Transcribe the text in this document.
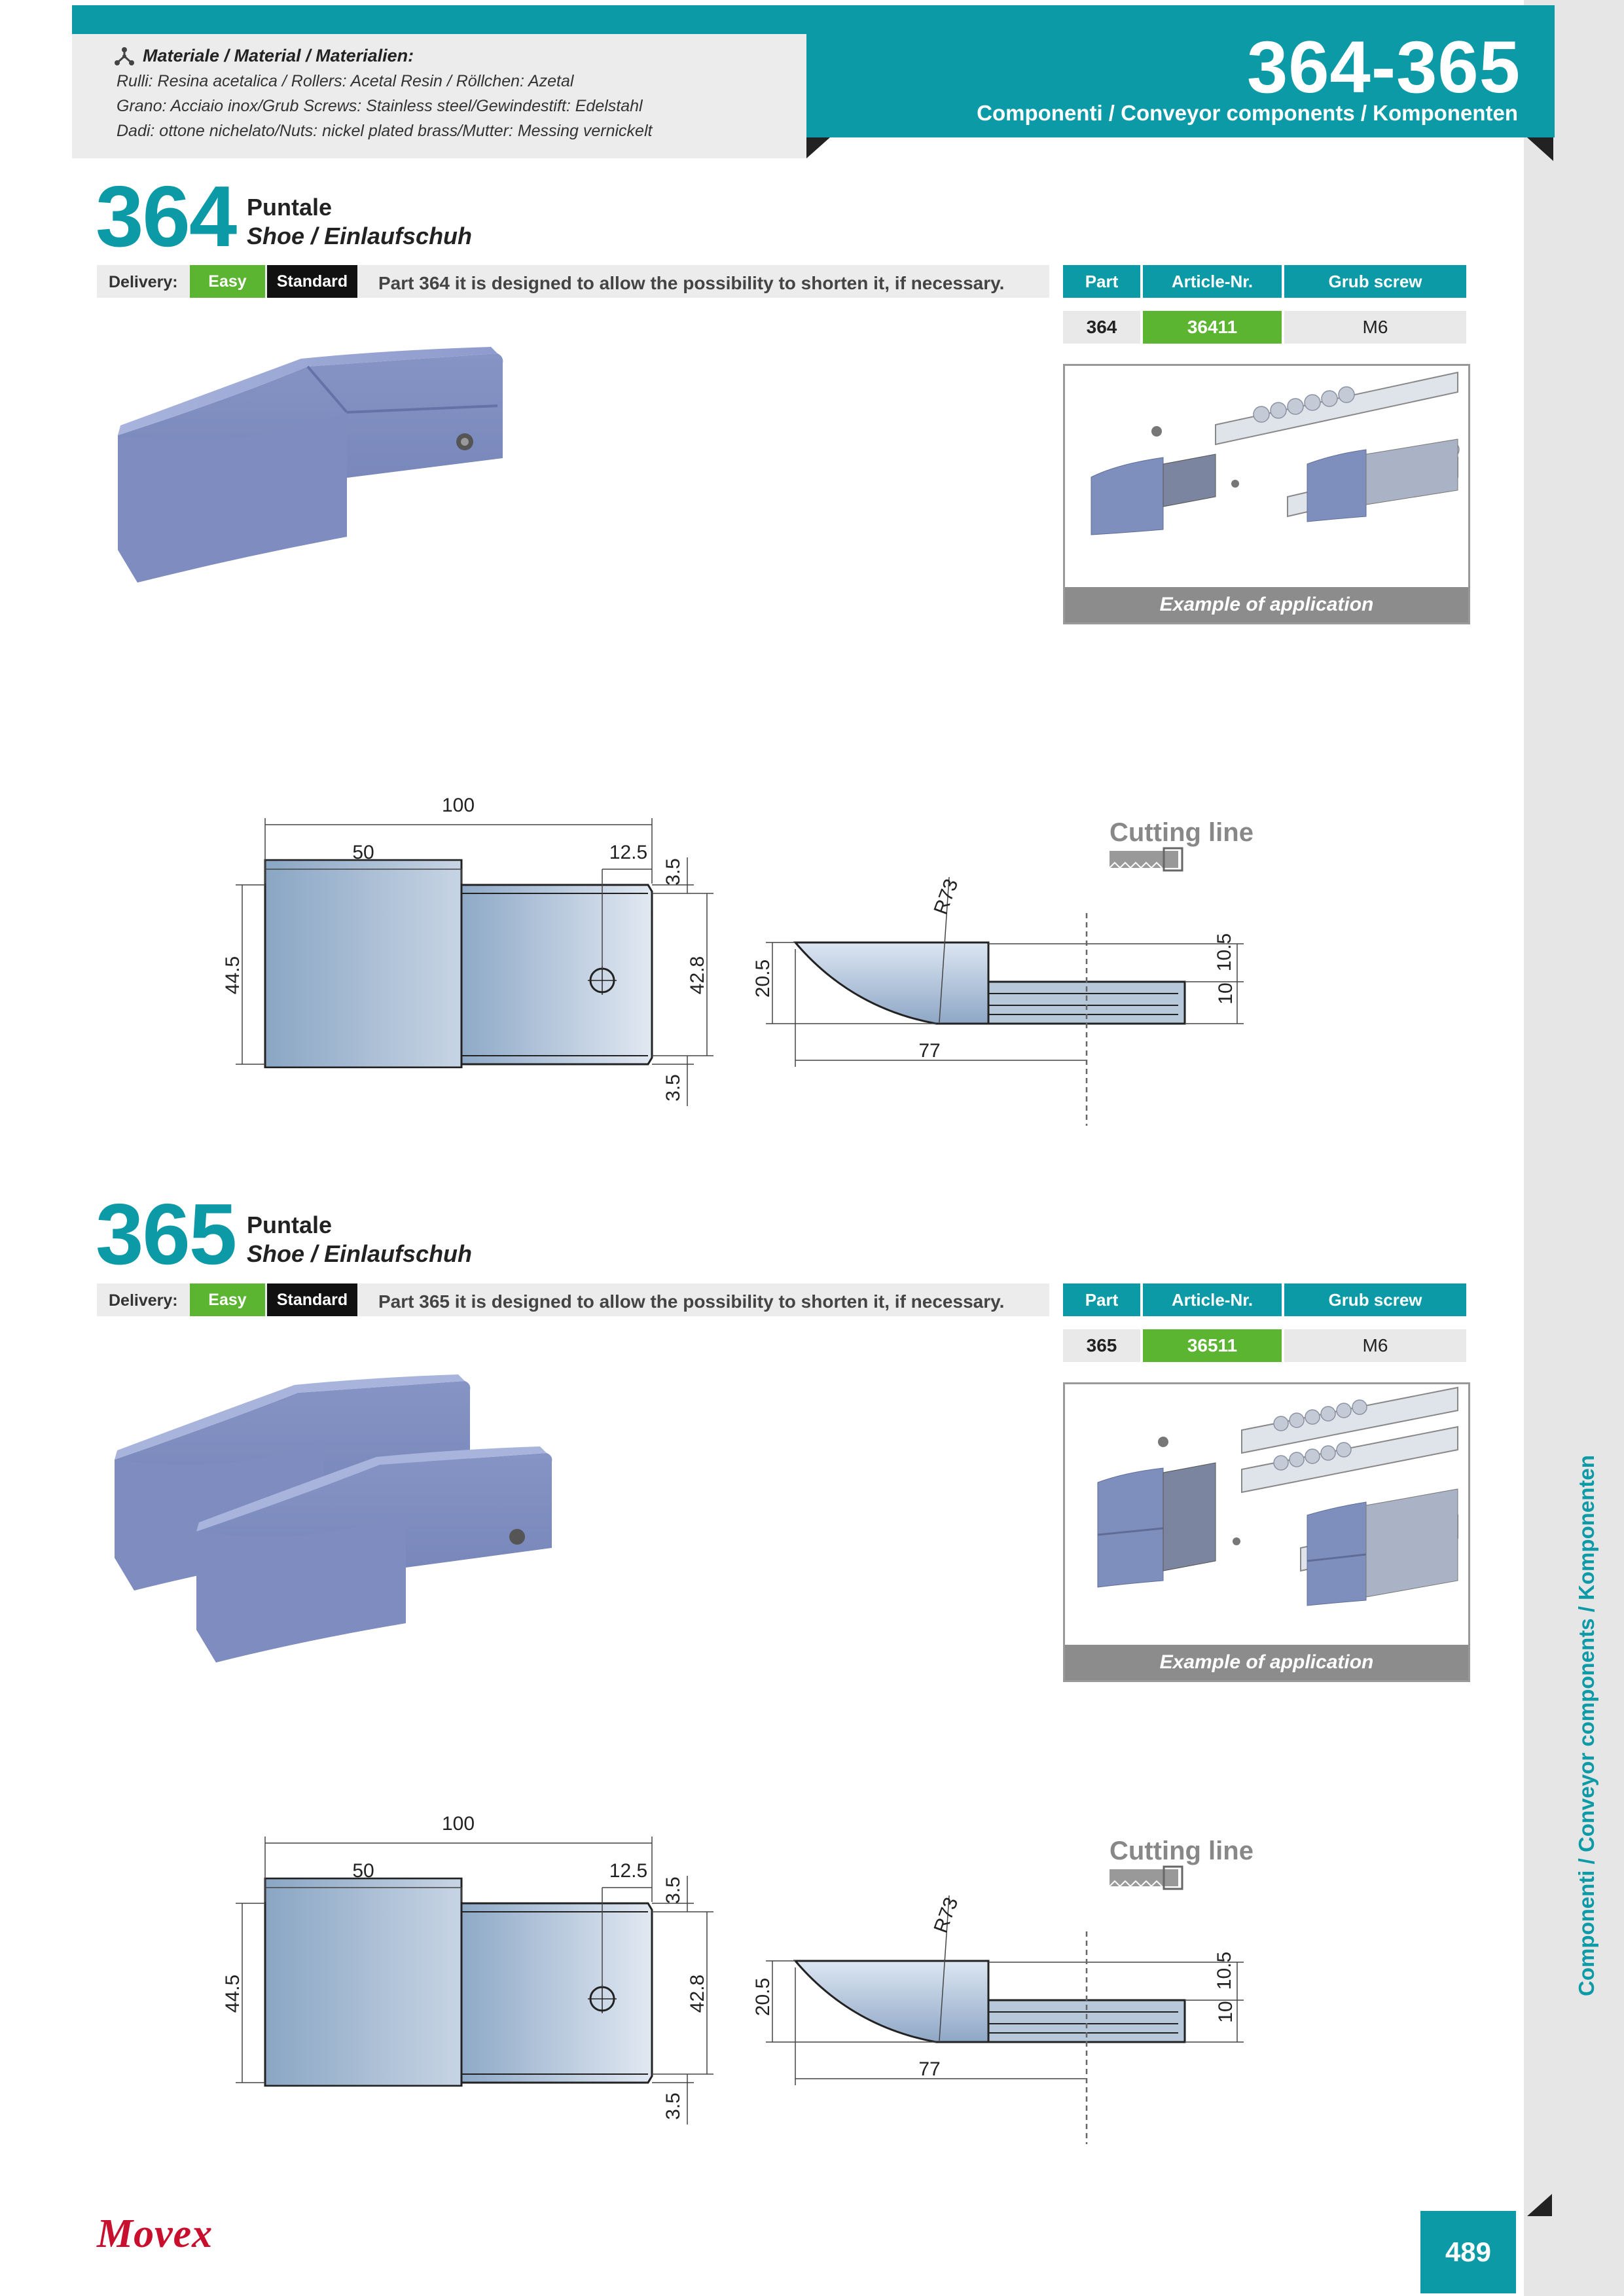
Materiale / Material / Materialien:
Rulli: Resina acetalica / Rollers: Acetal Resin / Röllchen: Azetal
Grano: Acciaio inox/Grub Screws: Stainless steel/Gewindestift: Edelstahl
Dadi: ottone nichelato/Nuts: nickel plated brass/Mutter: Messing vernickelt
364-365
Componenti / Conveyor components / Komponenten
364 Puntale
Shoe / Einlaufschuh
Delivery:	Easy	Standard	Part 364 it is designed to allow the possibility to shorten it, if necessary.	Part	Article-Nr.	Grub screw
364	36411	M6
Example of application
100
50	12.5
3.5
44.5	42.8
3.5
20.5
R73
77
10
10.5
Cutting line
365 Puntale
Shoe / Einlaufschuh
Delivery:	Easy	Standard	Part 365 it is designed to allow the possibility to shorten it, if necessary.	Part	Article-Nr.	Grub screw
365	36511	M6
Example of application
100
50	12.5
3.5
44.5	42.8
3.5
20.5
R73
77
10
10.5
Cutting line	Componenti / Conveyor components / Komponenten
Movex	489
